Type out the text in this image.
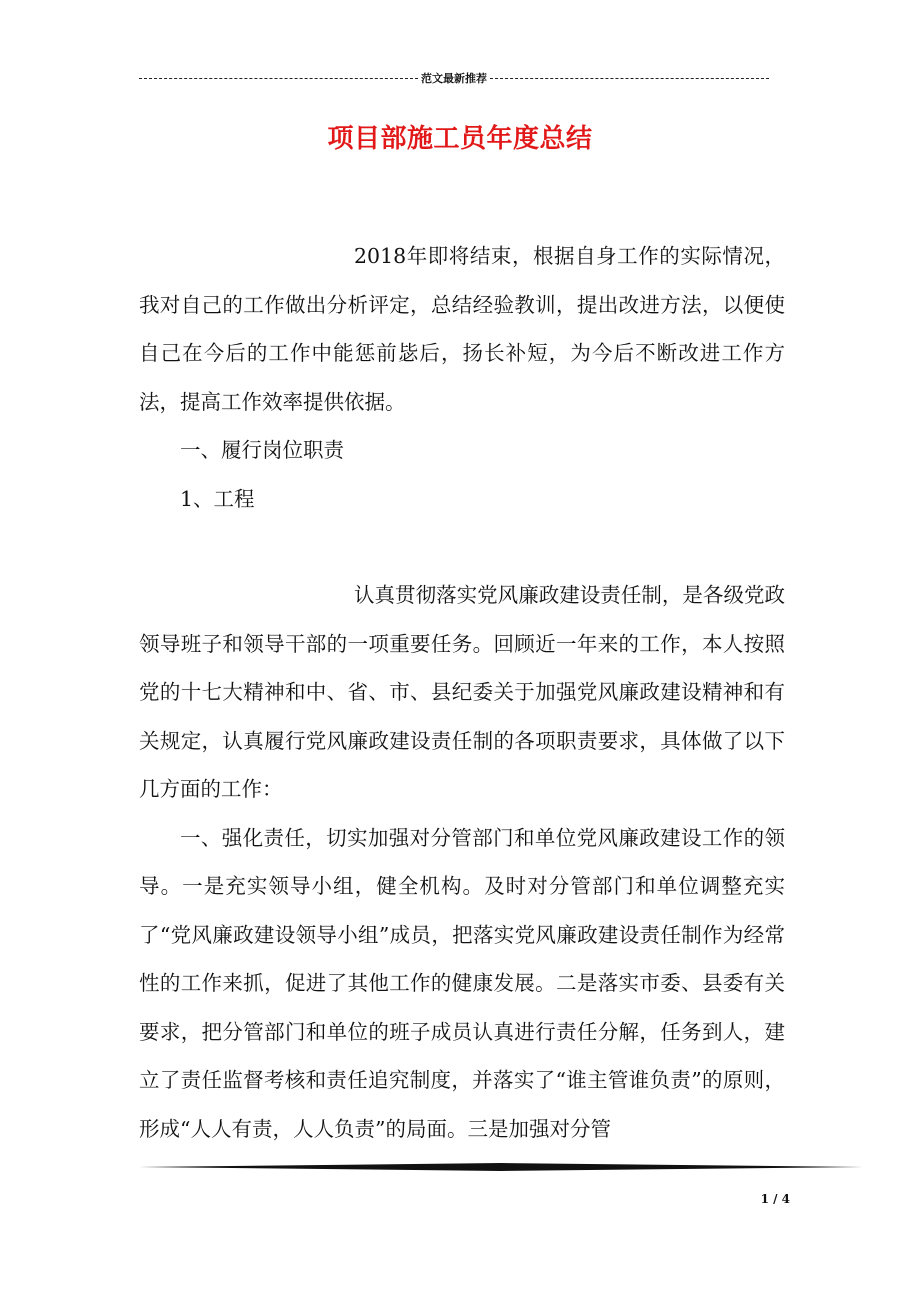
范文最新推荐
项目部施工员年度总结

2018年即将结束，根据自身工作的实际情况，我对自己的工作做出分析评定，总结经验教训，提出改进方法，以便使自己在今后的工作中能惩前毖后，扬长补短，为今后不断改进工作方法，提高工作效率提供依据。

一、履行岗位职责

1、工程

认真贯彻落实党风廉政建设责任制，是各级党政领导班子和领导干部的一项重要任务。回顾近一年来的工作，本人按照党的十七大精神和中、省、市、县纪委关于加强党风廉政建设精神和有关规定，认真履行党风廉政建设责任制的各项职责要求，具体做了以下几方面的工作：

一、强化责任，切实加强对分管部门和单位党风廉政建设工作的领导。一是充实领导小组，健全机构。及时对分管部门和单位调整充实了“党风廉政建设领导小组”成员，把落实党风廉政建设责任制作为经常性的工作来抓，促进了其他工作的健康发展。二是落实市委、县委有关要求，把分管部门和单位的班子成员认真进行责任分解，任务到人，建立了责任监督考核和责任追究制度，并落实了“谁主管谁负责”的原则，形成“人人有责，人人负责”的局面。三是加强对分管

1 / 4
